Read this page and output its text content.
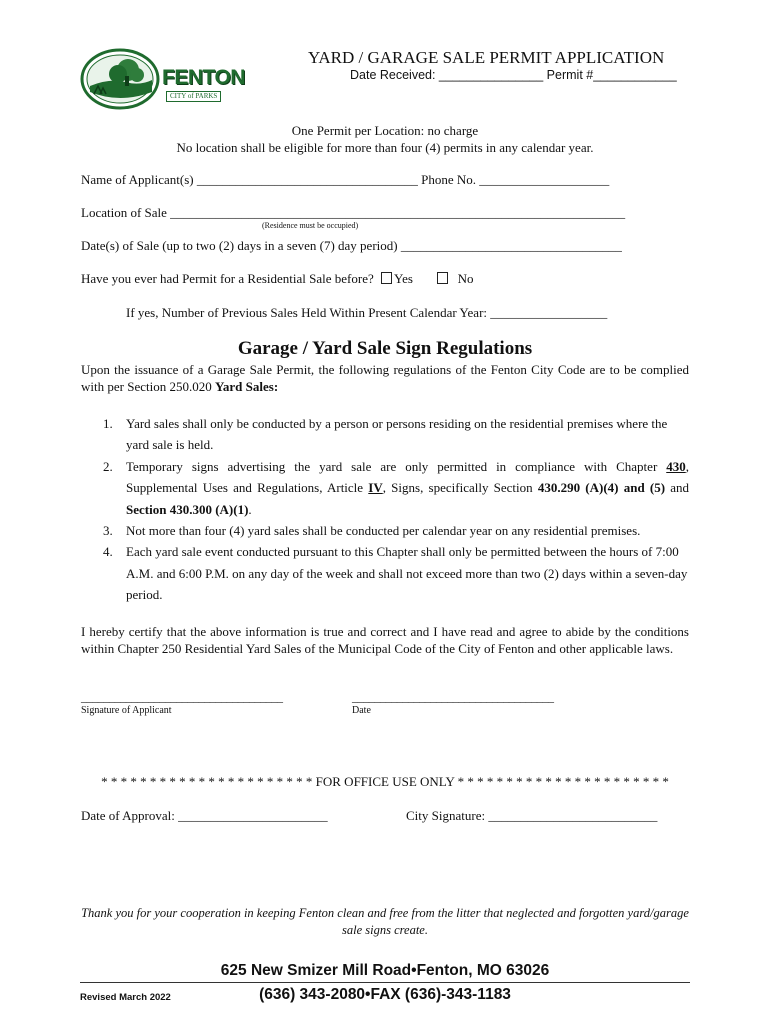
FENTON
CITY of PARKS
YARD / GARAGE SALE PERMIT APPLICATION
Date Received: _______________ Permit #____________
One Permit per Location: no charge
No location shall be eligible for more than four (4) permits in any calendar year.
Name of Applicant(s) __________________________________ Phone No. ____________________
Location of Sale ______________________________________________________________________
(Residence must be occupied)
Date(s) of Sale (up to two (2) days in a seven (7) day period) __________________________________
Have you ever had Permit for a Residential Sale before? Yes	No
If yes, Number of Previous Sales Held Within Present Calendar Year: __________________
Garage / Yard Sale Sign Regulations
Upon the issuance of a Garage Sale Permit, the following regulations of the Fenton City Code are to be complied with per Section 250.020 Yard Sales:
1. Yard sales shall only be conducted by a person or persons residing on the residential premises where the yard sale is held.
2. Temporary signs advertising the yard sale are only permitted in compliance with Chapter 430, Supplemental Uses and Regulations, Article IV, Signs, specifically Section 430.290 (A)(4) and (5) and Section 430.300 (A)(1).
3. Not more than four (4) yard sales shall be conducted per calendar year on any residential premises.
4. Each yard sale event conducted pursuant to this Chapter shall only be permitted between the hours of 7:00 A.M. and 6:00 P.M. on any day of the week and shall not exceed more than two (2) days within a seven-day period.
I hereby certify that the above information is true and correct and I have read and agree to abide by the conditions within Chapter 250 Residential Yard Sales of the Municipal Code of the City of Fenton and other applicable laws.
____________________________________
Signature of Applicant
____________________________________
Date
* * * * * * * * * * * * * * * * * * * * * * FOR OFFICE USE ONLY * * * * * * * * * * * * * * * * * * * * * *
Date of Approval: _______________________	City Signature: __________________________
Thank you for your cooperation in keeping Fenton clean and free from the litter that neglected and forgotten yard/garage sale signs create.
625 New Smizer Mill Road•Fenton, MO 63026
(636) 343-2080•FAX (636)-343-1183
Revised March 2022
